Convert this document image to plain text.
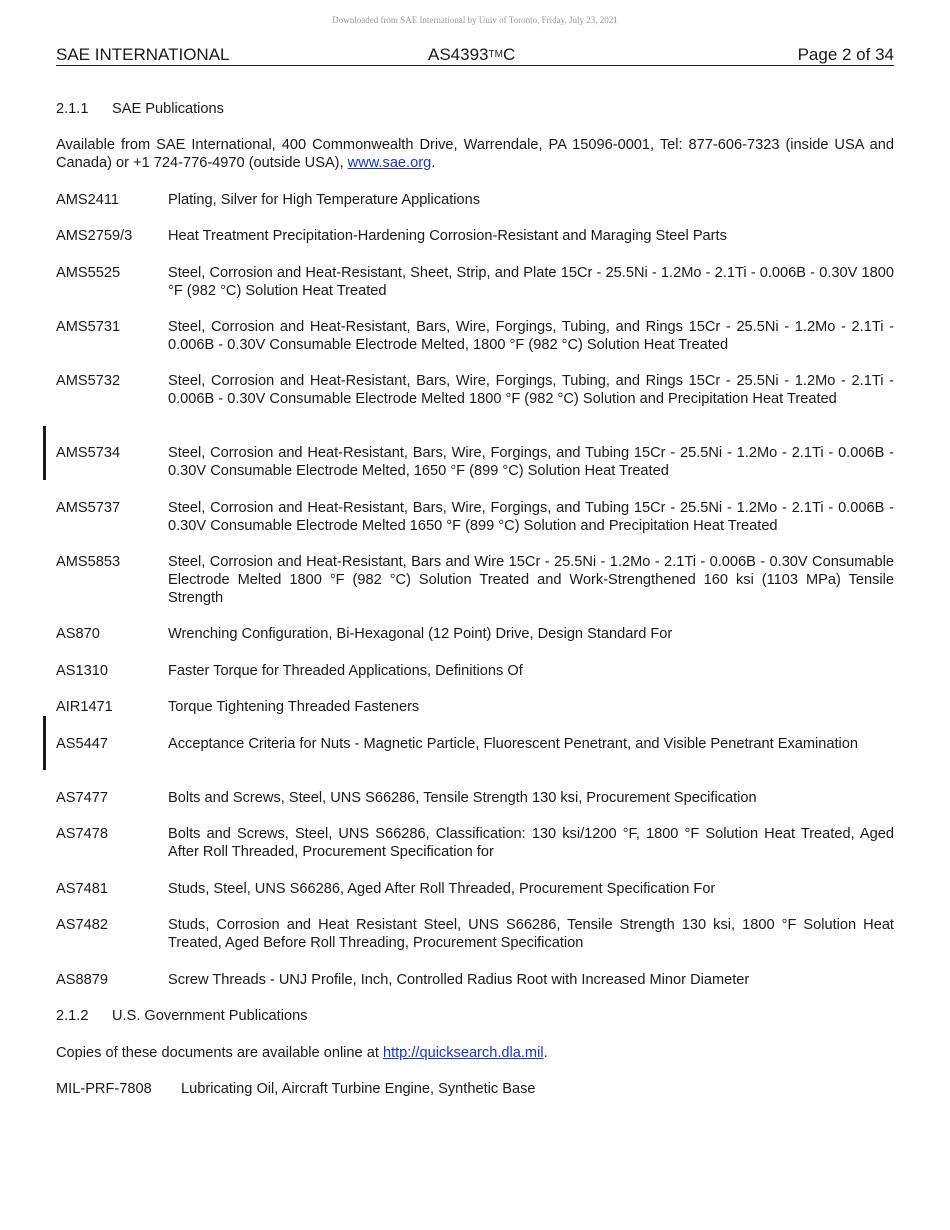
Downloaded from SAE International by Univ of Toronto, Friday, July 23, 2021
SAE INTERNATIONAL	AS4393™C	Page 2 of 34
2.1.1 SAE Publications
Available from SAE International, 400 Commonwealth Drive, Warrendale, PA 15096-0001, Tel: 877-606-7323 (inside USA and Canada) or +1 724-776-4970 (outside USA), www.sae.org.
AMS2411	Plating, Silver for High Temperature Applications
AMS2759/3 Heat Treatment Precipitation-Hardening Corrosion-Resistant and Maraging Steel Parts
AMS5525	Steel, Corrosion and Heat-Resistant, Sheet, Strip, and Plate 15Cr - 25.5Ni - 1.2Mo - 2.1Ti - 0.006B - 0.30V 1800 °F (982 °C) Solution Heat Treated
AMS5731	Steel, Corrosion and Heat-Resistant, Bars, Wire, Forgings, Tubing, and Rings 15Cr - 25.5Ni - 1.2Mo - 2.1Ti - 0.006B - 0.30V Consumable Electrode Melted, 1800 °F (982 °C) Solution Heat Treated
AMS5732	Steel, Corrosion and Heat-Resistant, Bars, Wire, Forgings, Tubing, and Rings 15Cr - 25.5Ni - 1.2Mo - 2.1Ti - 0.006B - 0.30V Consumable Electrode Melted 1800 °F (982 °C) Solution and Precipitation Heat Treated
AMS5734	Steel, Corrosion and Heat-Resistant, Bars, Wire, Forgings, and Tubing 15Cr - 25.5Ni - 1.2Mo - 2.1Ti - 0.006B - 0.30V Consumable Electrode Melted, 1650 °F (899 °C) Solution Heat Treated
AMS5737	Steel, Corrosion and Heat-Resistant, Bars, Wire, Forgings, and Tubing 15Cr - 25.5Ni - 1.2Mo - 2.1Ti - 0.006B - 0.30V Consumable Electrode Melted 1650 °F (899 °C) Solution and Precipitation Heat Treated
AMS5853	Steel, Corrosion and Heat-Resistant, Bars and Wire 15Cr - 25.5Ni - 1.2Mo - 2.1Ti - 0.006B - 0.30V Consumable Electrode Melted 1800 °F (982 °C) Solution Treated and Work-Strengthened 160 ksi (1103 MPa) Tensile Strength
AS870	Wrenching Configuration, Bi-Hexagonal (12 Point) Drive, Design Standard For
AS1310	Faster Torque for Threaded Applications, Definitions Of
AIR1471	Torque Tightening Threaded Fasteners
AS5447	Acceptance Criteria for Nuts - Magnetic Particle, Fluorescent Penetrant, and Visible Penetrant Examination
AS7477	Bolts and Screws, Steel, UNS S66286, Tensile Strength 130 ksi, Procurement Specification
AS7478	Bolts and Screws, Steel, UNS S66286, Classification: 130 ksi/1200 °F, 1800 °F Solution Heat Treated, Aged After Roll Threaded, Procurement Specification for
AS7481	Studs, Steel, UNS S66286, Aged After Roll Threaded, Procurement Specification For
AS7482	Studs, Corrosion and Heat Resistant Steel, UNS S66286, Tensile Strength 130 ksi, 1800 °F Solution Heat Treated, Aged Before Roll Threading, Procurement Specification
AS8879	Screw Threads - UNJ Profile, Inch, Controlled Radius Root with Increased Minor Diameter
2.1.2 U.S. Government Publications
Copies of these documents are available online at http://quicksearch.dla.mil.
MIL-PRF-7808 Lubricating Oil, Aircraft Turbine Engine, Synthetic Base
